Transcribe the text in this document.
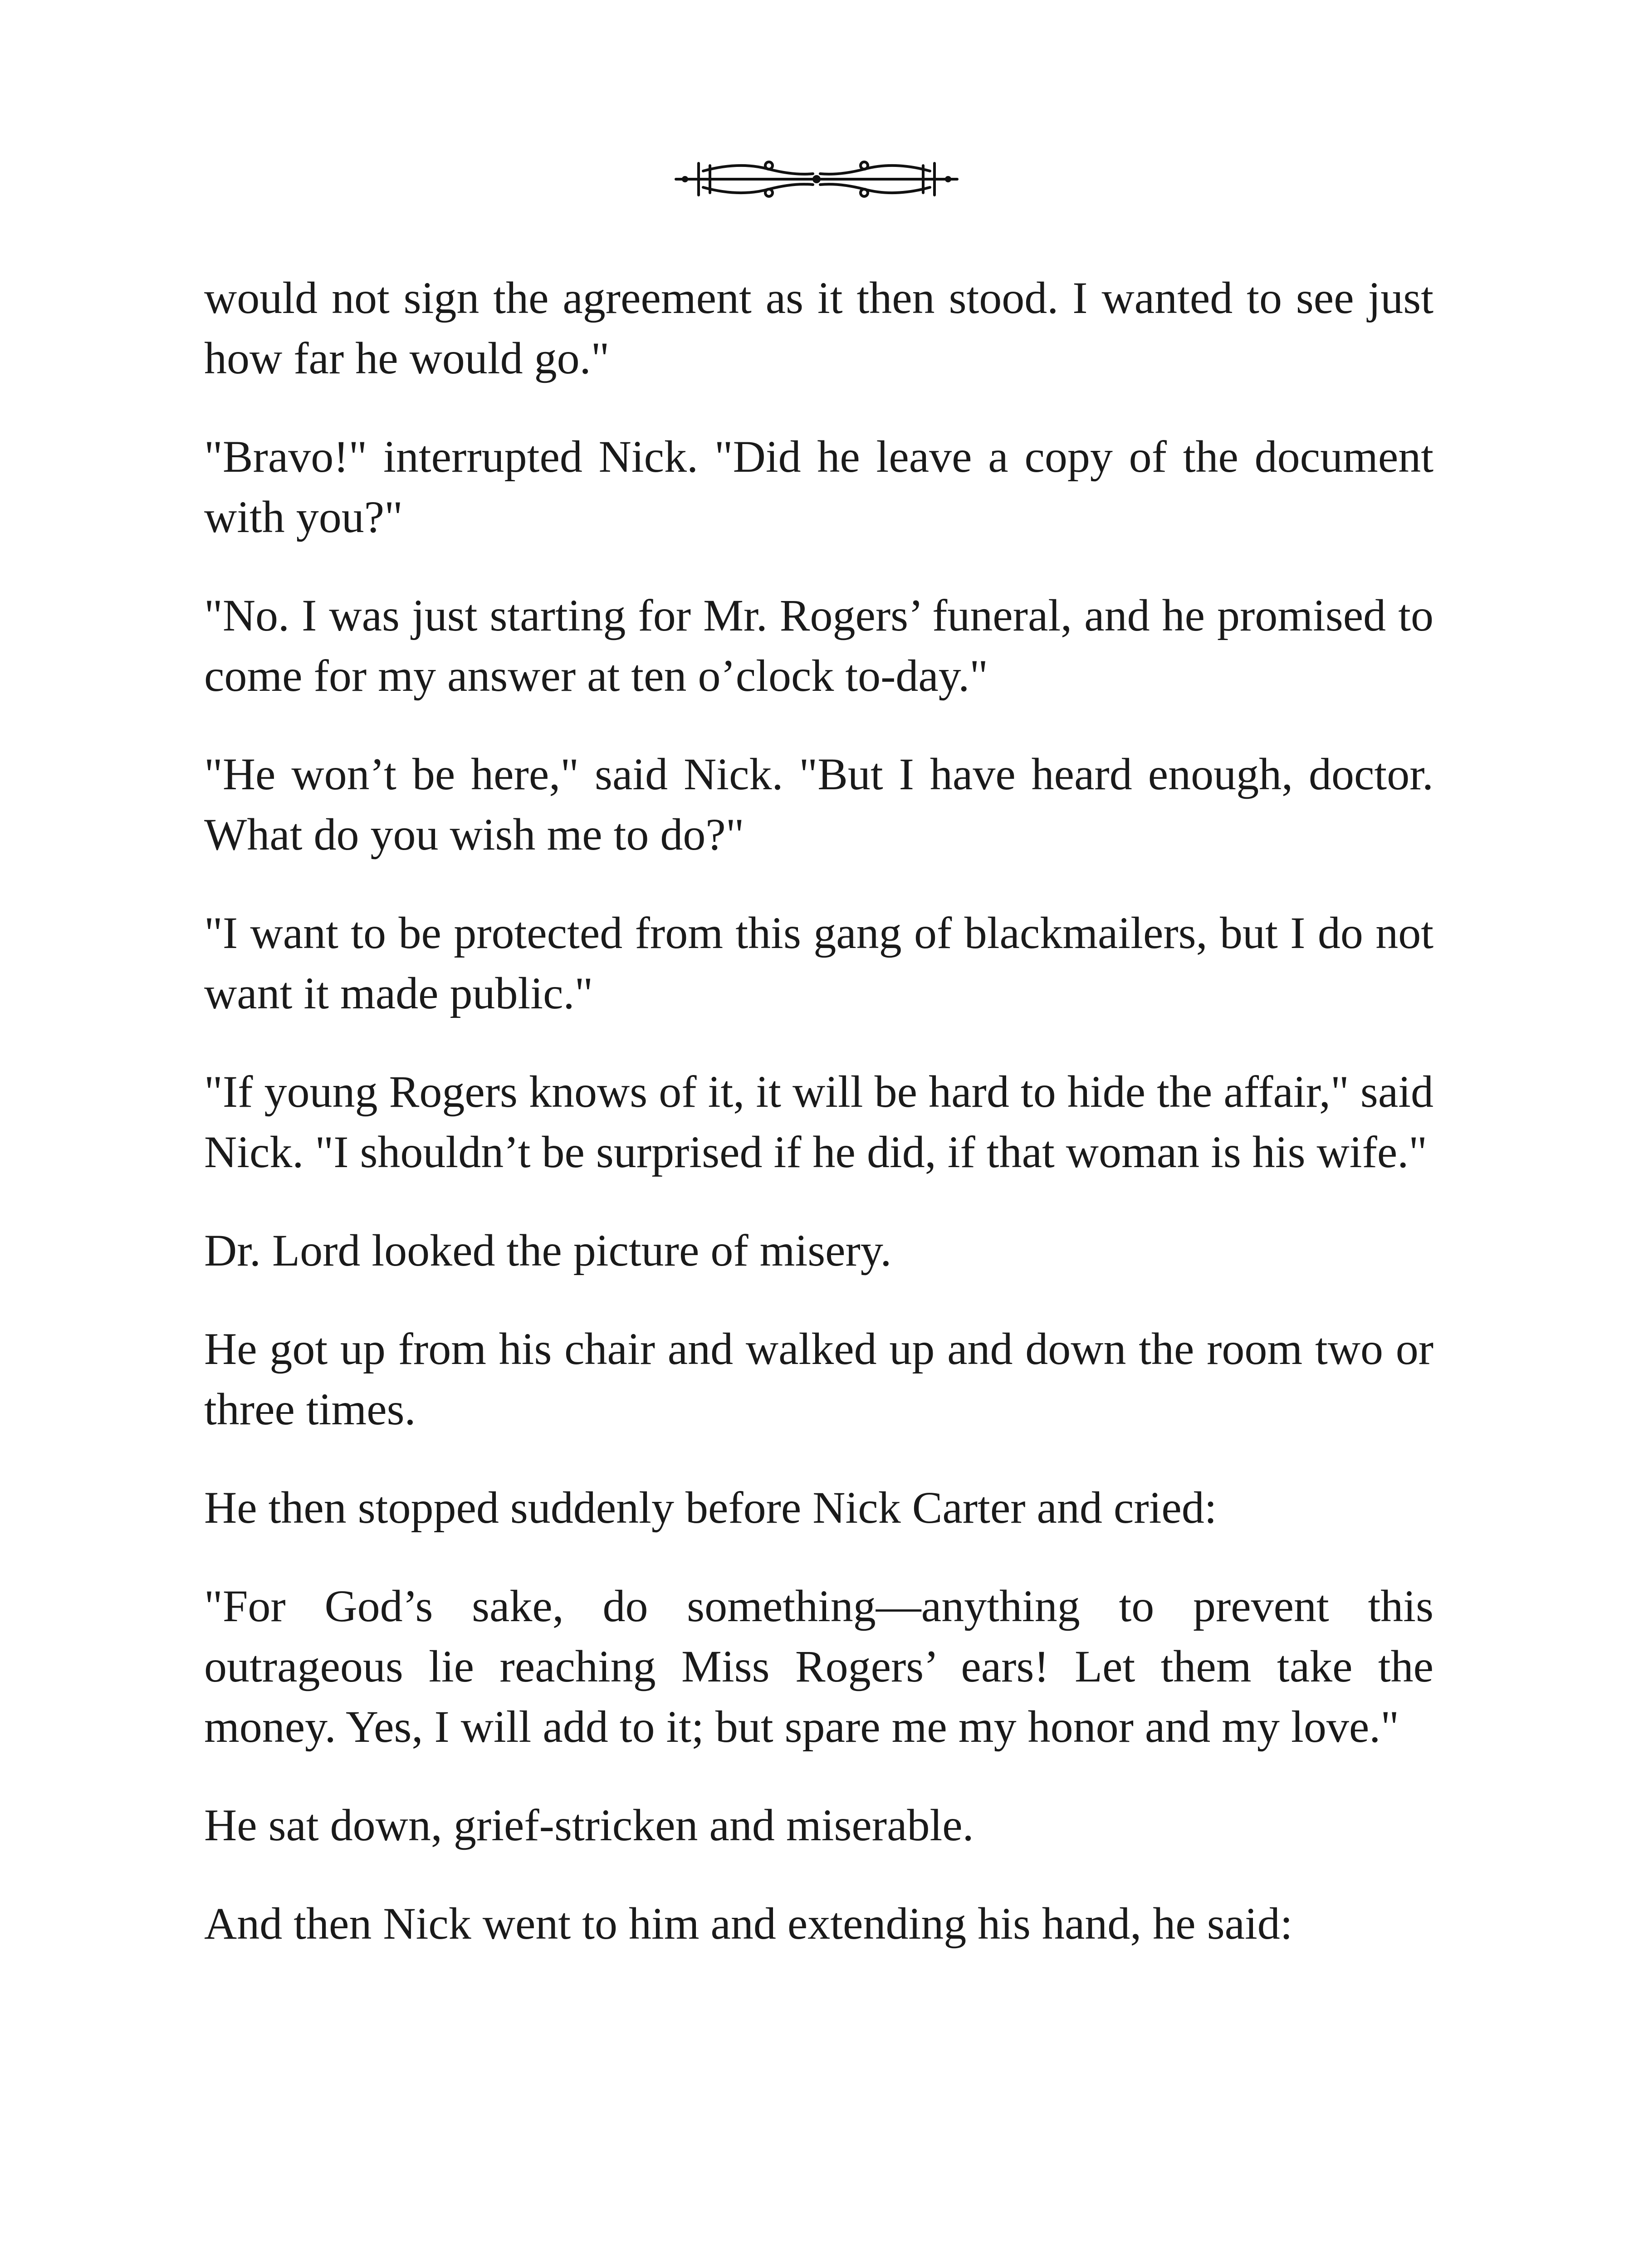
would not sign the agreement as it then stood. I wanted to see just how far he would go."

"Bravo!" interrupted Nick. "Did he leave a copy of the document with you?"

"No. I was just starting for Mr. Rogers’ funeral, and he promised to come for my answer at ten o’clock to-day."

"He won’t be here," said Nick. "But I have heard enough, doctor. What do you wish me to do?"

"I want to be protected from this gang of blackmailers, but I do not want it made public."

"If young Rogers knows of it, it will be hard to hide the affair," said Nick. "I shouldn’t be surprised if he did, if that woman is his wife."

Dr. Lord looked the picture of misery.

He got up from his chair and walked up and down the room two or three times.

He then stopped suddenly before Nick Carter and cried:

"For God’s sake, do something—anything to prevent this outrageous lie reaching Miss Rogers’ ears! Let them take the money. Yes, I will add to it; but spare me my honor and my love."

He sat down, grief-stricken and miserable.

And then Nick went to him and extending his hand, he said:
